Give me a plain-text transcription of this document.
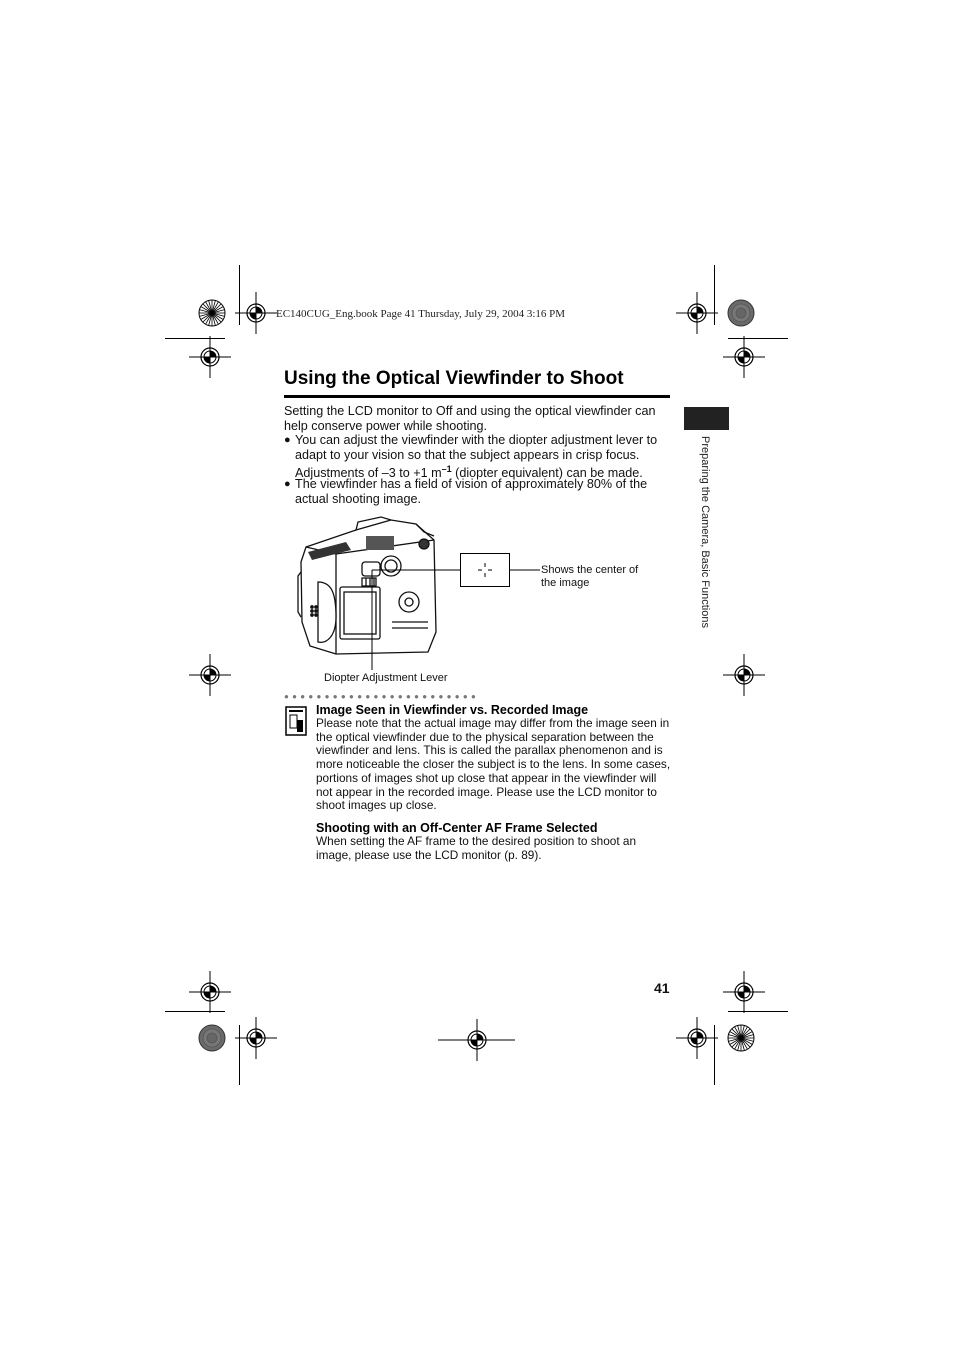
EC140CUG_Eng.book Page 41 Thursday, July 29, 2004 3:16 PM
Using the Optical Viewfinder to Shoot
Setting the LCD monitor to Off and using the optical viewfinder can help conserve power while shooting.
● You can adjust the viewfinder with the diopter adjustment lever to adapt to your vision so that the subject appears in crisp focus.
Adjustments of –3 to +1 $m^{-1}$ (diopter equivalent) can be made.
● The viewfinder has a field of vision of approximately 80% of the actual shooting image.	Preparing the Camera, Basic Functions
Shows the center of the image
Diopter Adjustment Lever
●●●●●●●●●●●●●●●●●●●●●●●●
Image Seen in Viewfinder vs. Recorded Image
Please note that the actual image may differ from the image seen in the optical viewfinder due to the physical separation between the viewfinder and lens. This is called the parallax phenomenon and is more noticeable the closer the subject is to the lens. In some cases, portions of images shot up close that appear in the viewfinder will not appear in the recorded image. Please use the LCD monitor to shoot images up close.
Shooting with an Off-Center AF Frame Selected
When setting the AF frame to the desired position to shoot an image, please use the LCD monitor (p. 89).
41
